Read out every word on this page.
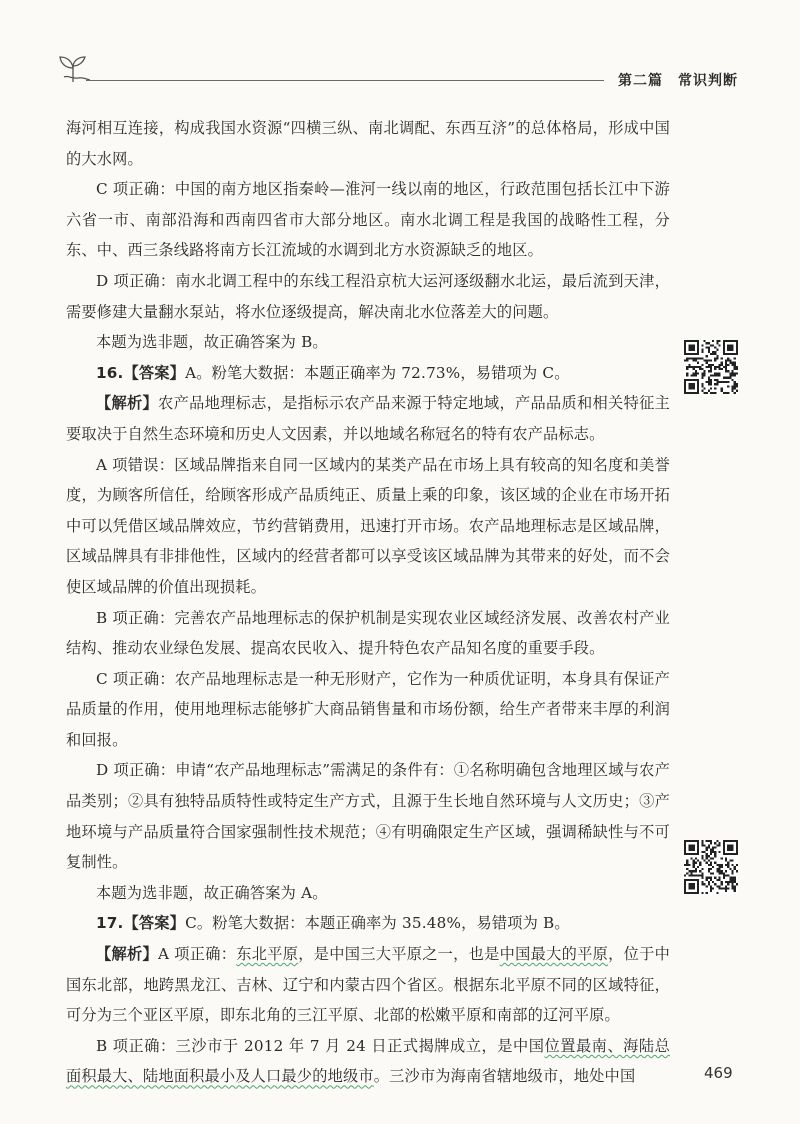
第二篇　常识判断

海河相互连接，构成我国水资源“四横三纵、南北调配、东西互济”的总体格局，形成中国的大水网。

C 项正确：中国的南方地区指秦岭—淮河一线以南的地区，行政范围包括长江中下游六省一市、南部沿海和西南四省市大部分地区。南水北调工程是我国的战略性工程，分东、中、西三条线路将南方长江流域的水调到北方水资源缺乏的地区。

D 项正确：南水北调工程中的东线工程沿京杭大运河逐级翻水北运，最后流到天津，需要修建大量翻水泵站，将水位逐级提高，解决南北水位落差大的问题。

本题为选非题，故正确答案为 B。

16.【答案】A。粉笔大数据：本题正确率为 72.73%，易错项为 C。

【解析】农产品地理标志，是指标示农产品来源于特定地域，产品品质和相关特征主要取决于自然生态环境和历史人文因素，并以地域名称冠名的特有农产品标志。

A 项错误：区域品牌指来自同一区域内的某类产品在市场上具有较高的知名度和美誉度，为顾客所信任，给顾客形成产品质纯正、质量上乘的印象，该区域的企业在市场开拓中可以凭借区域品牌效应，节约营销费用，迅速打开市场。农产品地理标志是区域品牌，区域品牌具有非排他性，区域内的经营者都可以享受该区域品牌为其带来的好处，而不会使区域品牌的价值出现损耗。

B 项正确：完善农产品地理标志的保护机制是实现农业区域经济发展、改善农村产业结构、推动农业绿色发展、提高农民收入、提升特色农产品知名度的重要手段。

C 项正确：农产品地理标志是一种无形财产，它作为一种质优证明，本身具有保证产品质量的作用，使用地理标志能够扩大商品销售量和市场份额，给生产者带来丰厚的利润和回报。

D 项正确：申请“农产品地理标志”需满足的条件有：①名称明确包含地理区域与农产品类别；②具有独特品质特性或特定生产方式，且源于生长地自然环境与人文历史；③产地环境与产品质量符合国家强制性技术规范；④有明确限定生产区域，强调稀缺性与不可复制性。

本题为选非题，故正确答案为 A。

17.【答案】C。粉笔大数据：本题正确率为 35.48%，易错项为 B。

【解析】A 项正确：东北平原，是中国三大平原之一，也是中国最大的平原，位于中国东北部，地跨黑龙江、吉林、辽宁和内蒙古四个省区。根据东北平原不同的区域特征，可分为三个亚区平原，即东北角的三江平原、北部的松嫩平原和南部的辽河平原。

B 项正确：三沙市于 2012 年 7 月 24 日正式揭牌成立，是中国位置最南、海陆总面积最大、陆地面积最小及人口最少的地级市。三沙市为海南省辖地级市，地处中国	469
